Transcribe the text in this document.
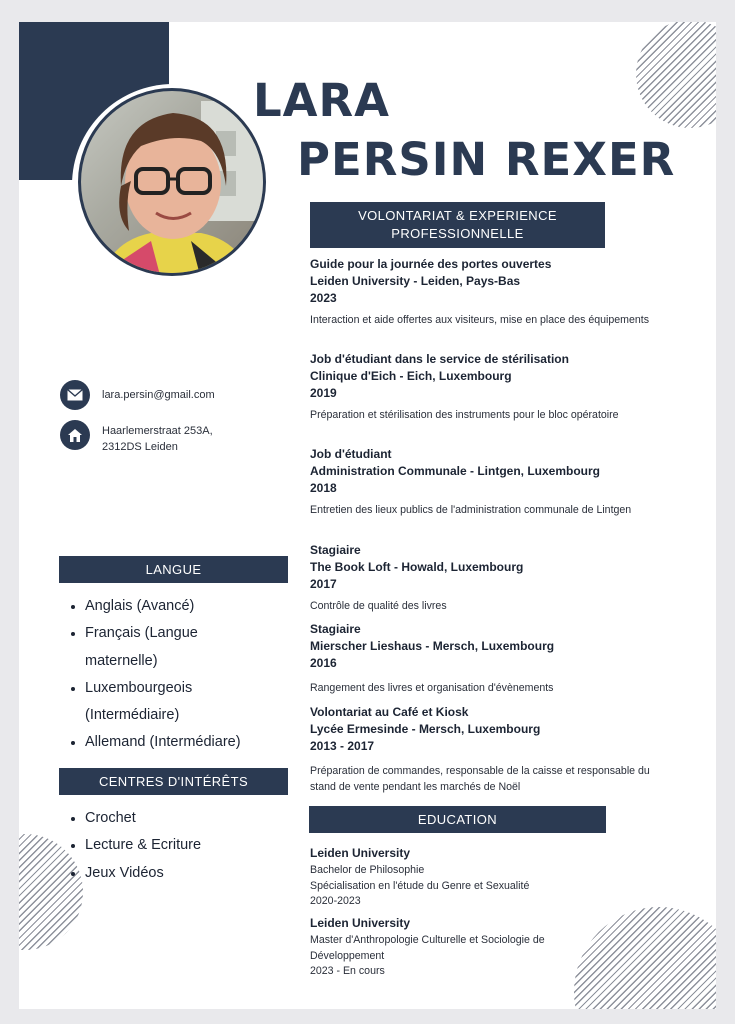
LARA
PERSIN REXER
lara.persin@gmail.com
Haarlemerstraat 253A,
2312DS Leiden
VOLONTARIAT & EXPERIENCE PROFESSIONNELLE
LANGUE
CENTRES D'INTÉRÊTS
EDUCATION
• Anglais (Avancé)
• Français (Langue maternelle)
• Luxembourgeois (Intermédiaire)
• Allemand (Intermédiare)
• Crochet
• Lecture & Ecriture
• Jeux Vidéos
Guide pour la journée des portes ouvertes
Leiden University - Leiden, Pays-Bas
2023
Interaction et aide offertes aux visiteurs, mise en place des équipements
Job d'étudiant dans le service de stérilisation
Clinique d'Eich - Eich, Luxembourg
2019
Préparation et stérilisation des instruments pour le bloc opératoire
Job d'étudiant
Administration Communale - Lintgen, Luxembourg
2018
Entretien des lieux publics de l'administration communale de Lintgen
Stagiaire
The Book Loft - Howald, Luxembourg
2017
Contrôle de qualité des livres
Stagiaire
Mierscher Lieshaus - Mersch, Luxembourg
2016
Rangement des livres et organisation d'évènements
Volontariat au Café et Kiosk
Lycée Ermesinde - Mersch, Luxembourg
2013 - 2017
Préparation de commandes, responsable de la caisse et responsable du stand de vente pendant les marchés de Noël
Leiden University
Bachelor de Philosophie
Spécialisation en l'étude du Genre et Sexualité
2020-2023
Leiden University
Master d'Anthropologie Culturelle et Sociologie de Développement
2023 - En cours
